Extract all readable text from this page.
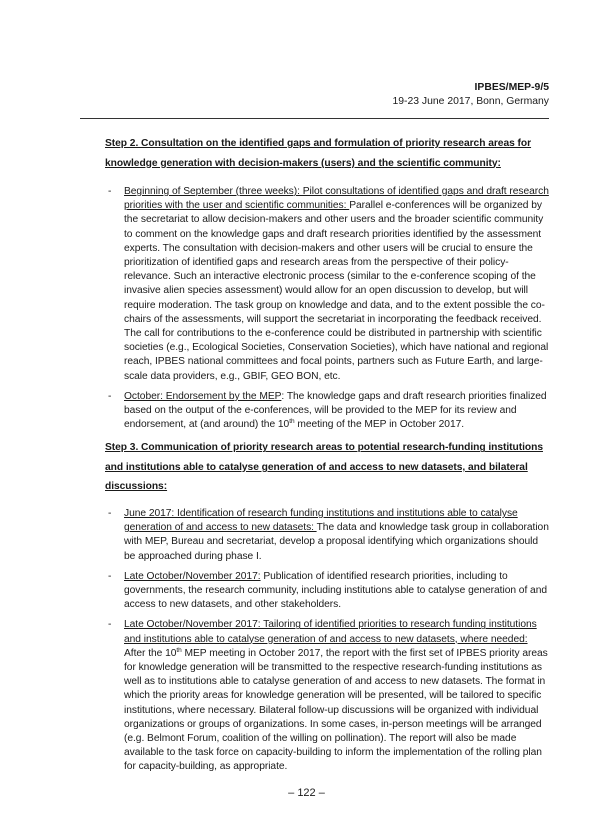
IPBES/MEP-9/5
19-23 June 2017, Bonn, Germany

Step 2. Consultation on the identified gaps and formulation of priority research areas for knowledge generation with decision-makers (users) and the scientific community:

- Beginning of September (three weeks): Pilot consultations of identified gaps and draft research priorities with the user and scientific communities: Parallel e-conferences will be organized by the secretariat to allow decision-makers and other users and the broader scientific community to comment on the knowledge gaps and draft research priorities identified by the assessment experts. The consultation with decision-makers and other users will be crucial to ensure the prioritization of identified gaps and research areas from the perspective of their policy-relevance. Such an interactive electronic process (similar to the e-conference scoping of the invasive alien species assessment) would allow for an open discussion to develop, but will require moderation. The task group on knowledge and data, and to the extent possible the co-chairs of the assessments, will support the secretariat in incorporating the feedback received. The call for contributions to the e-conference could be distributed in partnership with scientific societies (e.g., Ecological Societies, Conservation Societies), which have national and regional reach, IPBES national committees and focal points, partners such as Future Earth, and large-scale data providers, e.g., GBIF, GEO BON, etc.
- October: Endorsement by the MEP: The knowledge gaps and draft research priorities finalized based on the output of the e-conferences, will be provided to the MEP for its review and endorsement, at (and around) the 10th meeting of the MEP in October 2017.

Step 3. Communication of priority research areas to potential research-funding institutions and institutions able to catalyse generation of and access to new datasets, and bilateral discussions:

- June 2017: Identification of research funding institutions and institutions able to catalyse generation of and access to new datasets: The data and knowledge task group in collaboration with MEP, Bureau and secretariat, develop a proposal identifying which organizations should be approached during phase I.
- Late October/November 2017: Publication of identified research priorities, including to governments, the research community, including institutions able to catalyse generation of and access to new datasets, and other stakeholders.
- Late October/November 2017: Tailoring of identified priorities to research funding institutions and institutions able to catalyse generation of and access to new datasets, where needed: After the 10th MEP meeting in October 2017, the report with the first set of IPBES priority areas for knowledge generation will be transmitted to the respective research-funding institutions as well as to institutions able to catalyse generation of and access to new datasets. The format in which the priority areas for knowledge generation will be presented, will be tailored to specific institutions, where necessary. Bilateral follow-up discussions will be organized with individual organizations or groups of organizations. In some cases, in-person meetings will be arranged (e.g. Belmont Forum, coalition of the willing on pollination). The report will also be made available to the task force on capacity-building to inform the implementation of the rolling plan for capacity-building, as appropriate.
– 122 –
